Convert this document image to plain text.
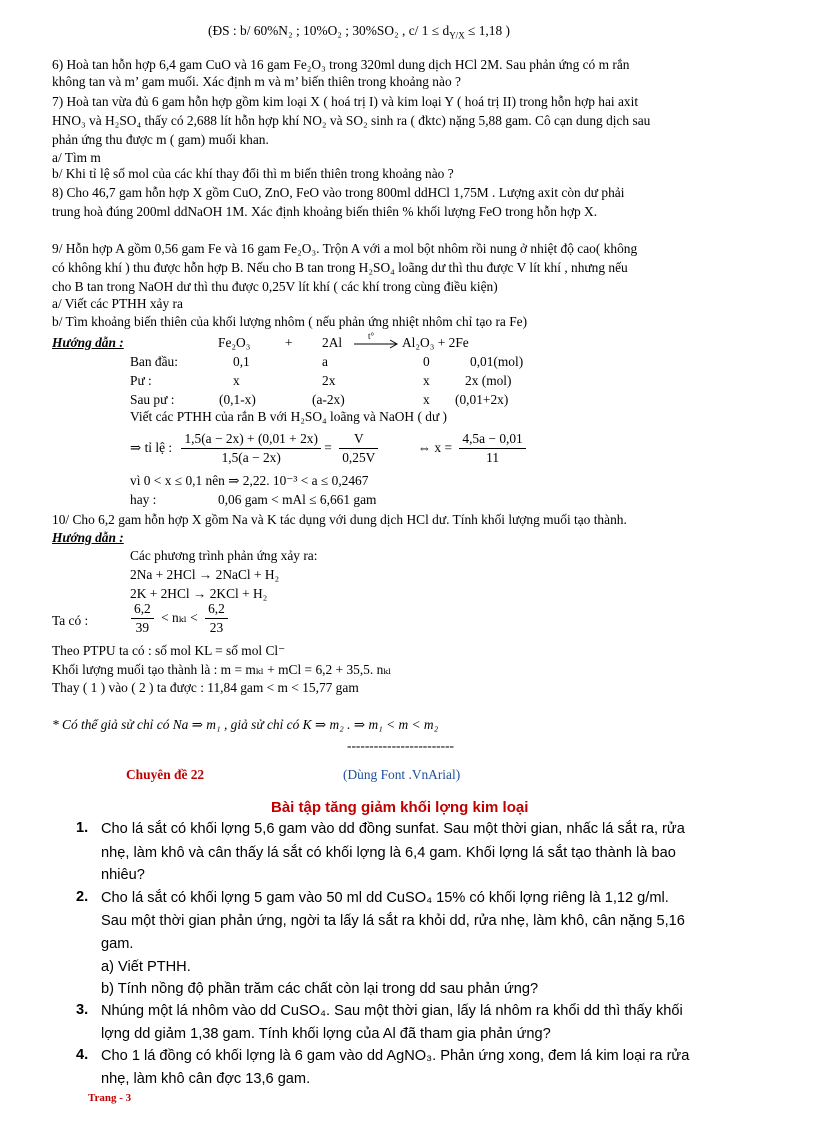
(ĐS : b/ 60%N₂ ; 10%O₂ ; 30%SO₂ , c/ $1 \le d_{Y/X} \le 1,18$ )
6) Hoà tan hỗn hợp 6,4 gam CuO và 16 gam Fe₂O₃ trong 320ml dung dịch HCl 2M. Sau phản ứng có m rắn
không tan và m’ gam muối. Xác định m và m’ biến thiên trong khoảng nào ?
7) Hoà tan vừa đủ 6 gam hỗn hợp gồm kim loại X ( hoá trị I) và kim loại Y ( hoá trị II) trong hỗn hợp hai axit
HNO₃ và H₂SO₄ thấy có 2,688 lít hỗn hợp khí NO₂ và SO₂ sinh ra ( đktc) nặng 5,88 gam. Cô cạn dung dịch sau
phản ứng thu được m ( gam) muối khan.
a/ Tìm m
b/ Khi tỉ lệ số mol của các khí thay đổi thì m biến thiên trong khoảng nào ?
8) Cho 46,7 gam hỗn hợp X gồm CuO, ZnO, FeO vào trong 800ml ddHCl 1,75M . Lượng axit còn dư phải
trung hoà đúng 200ml ddNaOH 1M. Xác định khoảng biến thiên % khối lượng FeO trong hỗn hợp X.
9/ Hỗn hợp A gồm 0,56 gam Fe và 16 gam Fe₂O₃. Trộn A với a mol bột nhôm rồi nung ở nhiệt độ cao( không
có không khí ) thu được hỗn hợp B. Nếu cho B tan trong H₂SO₄ loãng dư thì thu được V lít khí , nhưng nếu
cho B tan trong NaOH dư thì thu được 0,25V lít khí ( các khí trong cùng điều kiện)
a/ Viết các PTHH xảy ra
b/ Tìm khoảng biến thiên của khối lượng nhôm ( nếu phản ứng nhiệt nhôm chỉ tạo ra Fe)
Hướng dẫn :	Fe₂O₃	+ 2Al	t° → Al₂O₃ + 2Fe
Ban đầu:	0,1	a	0	0,01(mol)
Pư :	x	2x	x	2x (mol)
Sau pư :	(0,1-x)	(a-2x)	x (0,01+2x)
Viết các PTHH của rắn B với H₂SO₄ loãng và NaOH ( dư )
⇒ tỉ lệ : $\frac{1,5(a - 2x) + (0,01 + 2x)}{1,5(a - 2x)} = \frac{V}{0,25V}$	⇔ $x = \frac{4,5a - 0,01}{11}$
vì 0 < x ≤ 0,1 nên ⇒ 2,22. 10⁻³ < a ≤ 0,2467
hay :	0,06 gam < mAl ≤ 6,661 gam
10/ Cho 6,2 gam hỗn hợp X gồm Na và K tác dụng với dung dịch HCl dư. Tính khối lượng muối tạo thành.
Hướng dẫn :
Các phương trình phản ứng xảy ra:
2Na + 2HCl → 2NaCl + H₂
2K + 2HCl → 2KCl + H₂
Ta có :	$\frac{6,2}{39} < n_{kl} < \frac{6,2}{23}$
Theo PTPU ta có : số mol KL = số mol Cl⁻
Khối lượng muối tạo thành là : m = mₖₗ + mCl = 6,2 + 35,5. nₖₗ
Thay ( 1 ) vào ( 2 ) ta được : 11,84 gam < m < 15,77 gam
* Có thể giả sử chỉ có Na ⇒ m₁ , giả sử chỉ có K ⇒ m₂ . ⇒ m₁ < m < m₂
------------------------
Chuyên đề 22	(Dùng Font .VnArial)
Bài tập tăng giảm khối lợng kim loại
1. Cho lá sắt có khối lợng 5,6 gam vào dd đồng sunfat. Sau một thời gian, nhấc lá sắt ra, rửa
nhẹ, làm khô và cân thấy lá sắt có khối lợng là 6,4 gam. Khối lợng lá sắt tạo thành là bao
nhiêu?
2. Cho lá sắt có khối lợng 5 gam vào 50 ml dd CuSO₄ 15% có khối lợng riêng là 1,12 g/ml.
Sau một thời gian phản ứng, ngời ta lấy lá sắt ra khỏi dd, rửa nhẹ, làm khô, cân nặng 5,16
gam.
a) Viết PTHH.
b) Tính nồng độ phần trăm các chất còn lại trong dd sau phản ứng?
3. Nhúng một lá nhôm vào dd CuSO₄. Sau một thời gian, lấy lá nhôm ra khổi dd thì thấy khối
lợng dd giảm 1,38 gam. Tính khối lợng của Al đã tham gia phản ứng?
4. Cho 1 lá đồng có khối lợng là 6 gam vào dd AgNO₃. Phản ứng xong, đem lá kim loại ra rửa
nhẹ, làm khô cân đợc 13,6 gam.
Trang - 3
